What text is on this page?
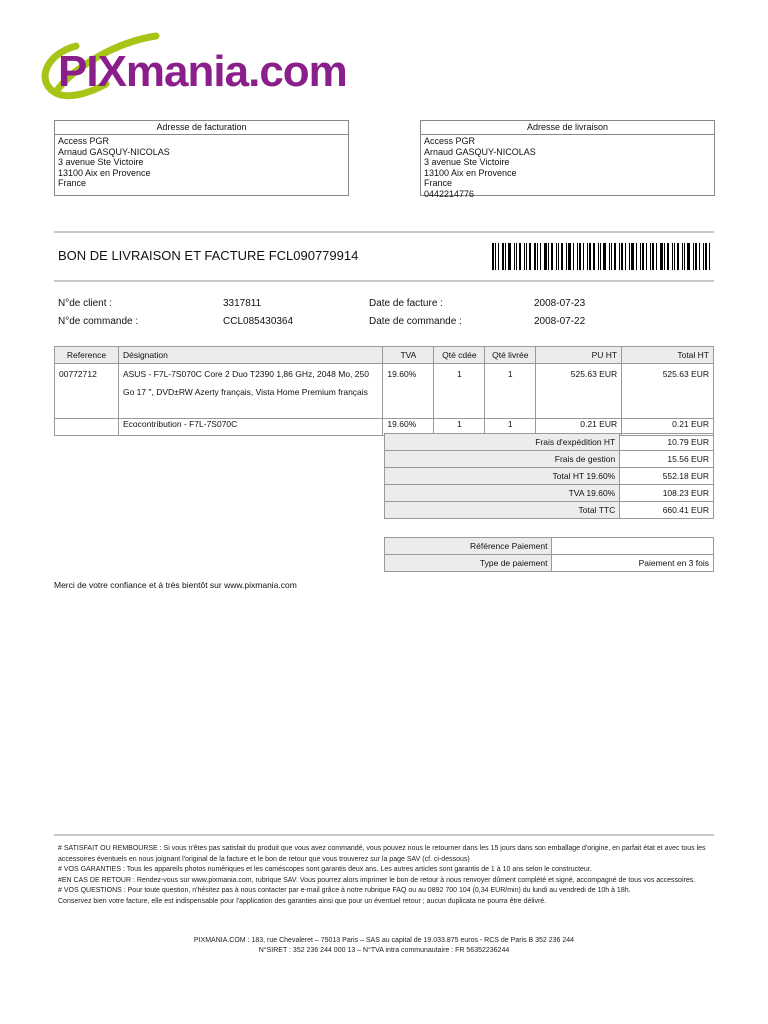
PIXmania.com
Adresse de facturation
Access PGR
Arnaud GASQUY-NICOLAS
3 avenue Ste Victoire
13100 Aix en Provence
France
Adresse de livraison
Access PGR
Arnaud GASQUY-NICOLAS
3 avenue Ste Victoire
13100 Aix en Provence
France
0442214776
BON DE LIVRAISON ET FACTURE FCL090779914
N°de client :	3317811	Date de facture :	2008-07-23
N°de commande :	CCL085430364	Date de commande :	2008-07-22
Reference	Désignation	TVA	Qté cdée	Qté livrée	PU HT	Total HT
00772712	ASUS - F7L-7S070C Core 2 Duo T2390 1,86 GHz, 2048 Mo, 250 Go 17 ", DVD±RW Azerty français, Vista Home Premium français	19.60%	1	1	525.63 EUR	525.63 EUR
	Ecocontribution - F7L-7S070C	19.60%	1	1	0.21 EUR	0.21 EUR
Frais d'expédition HT	10.79 EUR
Frais de gestion	15.56 EUR
Total HT 19.60%	552.18 EUR
TVA 19.60%	108.23 EUR
Total TTC	660.41 EUR
Référence Paiement	
Type de paiement	Paiement en 3 fois
Merci de votre confiance et à très bientôt sur www.pixmania.com
# SATISFAIT OU REMBOURSE : Si vous n'êtes pas satisfait du produit que vous avez commandé, vous pouvez nous le retourner dans les 15 jours dans son emballage d'origine, en parfait état et avec tous les accessoires éventuels en nous joignant l'original de la facture et le bon de retour que vous trouverez sur la page SAV (cf. ci-dessous)
# VOS GARANTIES : Tous les appareils photos numériques et les caméscopes sont garantis deux ans. Les autres articles sont garantis de 1 à 10 ans selon le constructeur.
#EN CAS DE RETOUR : Rendez-vous sur www.pixmania.com, rubrique SAV. Vous pourrez alors imprimer le bon de retour à nous renvoyer dûment complété et signé, accompagné de tous vos accessoires.
# VOS QUESTIONS : Pour toute question, n'hésitez pas à nous contacter par e-mail grâce à notre rubrique FAQ ou au 0892 700 104 (0,34 EUR/min) du lundi au vendredi de 10h à 18h.
Conservez bien votre facture, elle est indispensable pour l'application des garanties ainsi que pour un éventuel retour ; aucun duplicata ne pourra être délivré.
PIXMANIA.COM : 183, rue Chevaleret – 75013 Paris – SAS au capital de 19.033.875 euros - RCS de Paris B 352 236 244
N°SIRET : 352 236 244 000 13 – N°TVA intra communautaire : FR 56352236244
